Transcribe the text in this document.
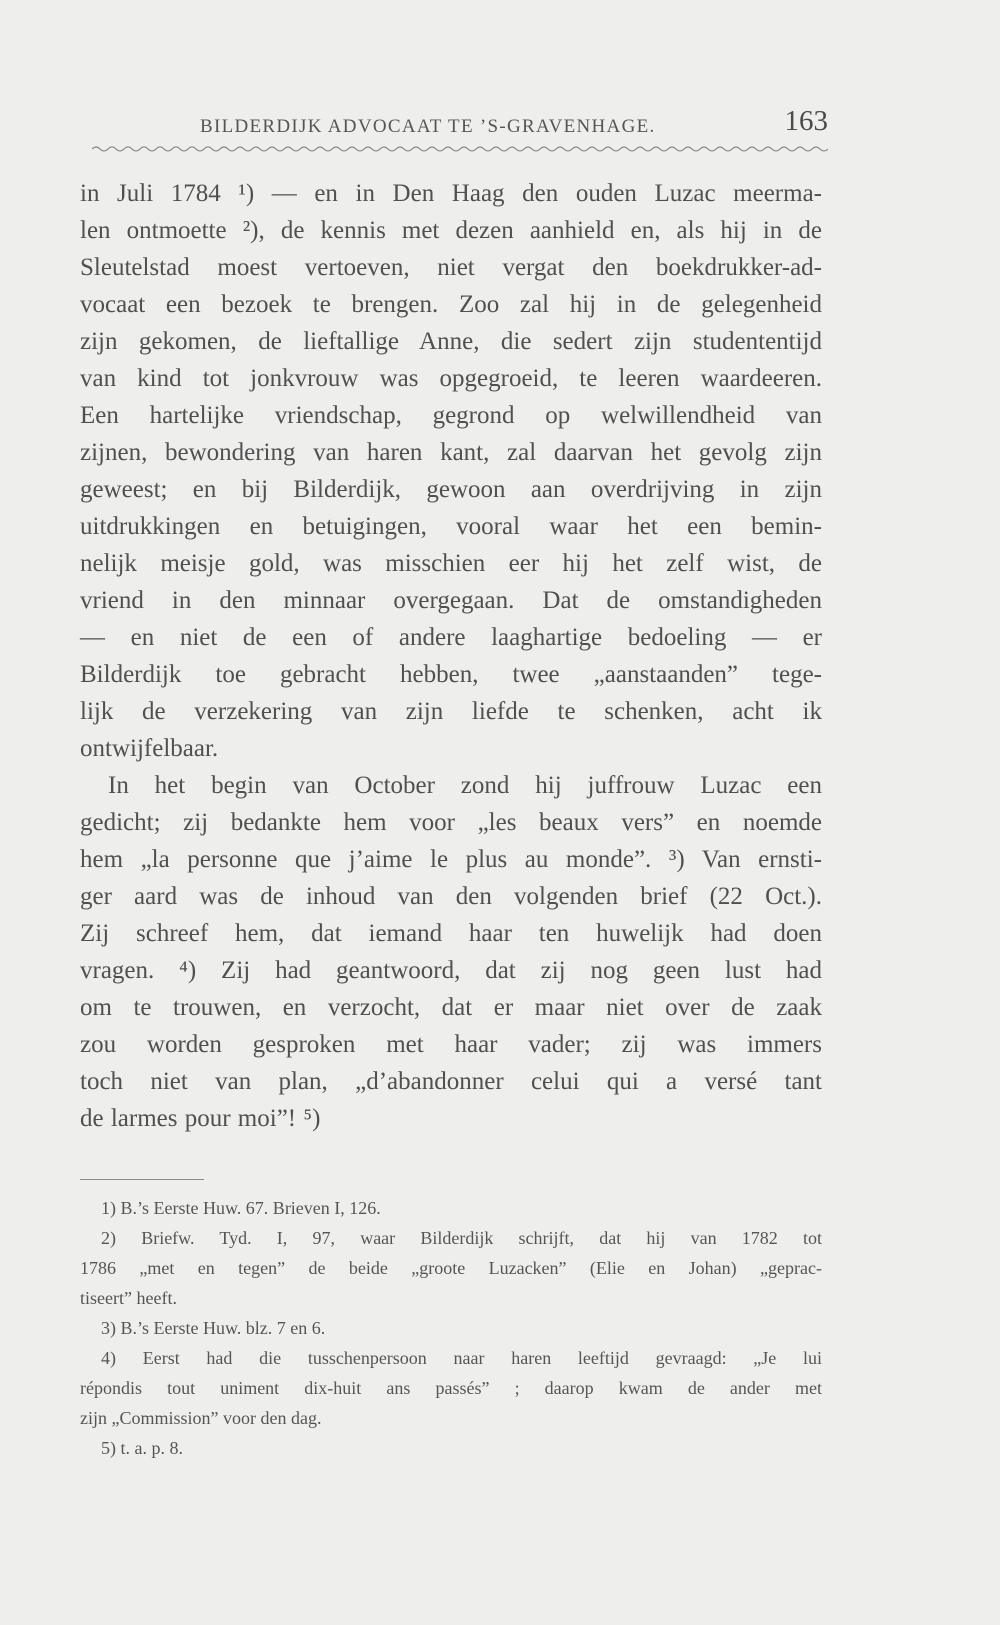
BILDERDIJK ADVOCAAT TE ’S-GRAVENHAGE.	163
in Juli 1784 ¹) — en in Den Haag den ouden Luzac meerma-
len ontmoette ²), de kennis met dezen aanhield en, als hij in de
Sleutelstad moest vertoeven, niet vergat den boekdrukker-ad-
vocaat een bezoek te brengen. Zoo zal hij in de gelegenheid
zijn gekomen, de lieftallige Anne, die sedert zijn studententijd
van kind tot jonkvrouw was opgegroeid, te leeren waardeeren.
Een hartelijke vriendschap, gegrond op welwillendheid van
zijnen, bewondering van haren kant, zal daarvan het gevolg zijn
geweest; en bij Bilderdijk, gewoon aan overdrijving in zijn
uitdrukkingen en betuigingen, vooral waar het een bemin-
nelijk meisje gold, was misschien eer hij het zelf wist, de
vriend in den minnaar overgegaan. Dat de omstandigheden
— en niet de een of andere laaghartige bedoeling — er
Bilderdijk toe gebracht hebben, twee „aanstaanden” tege-
lijk de verzekering van zijn liefde te schenken, acht ik
ontwijfelbaar.
In het begin van October zond hij juffrouw Luzac een
gedicht; zij bedankte hem voor „les beaux vers” en noemde
hem „la personne que j’aime le plus au monde”. ³) Van ernsti-
ger aard was de inhoud van den volgenden brief (22 Oct.).
Zij schreef hem, dat iemand haar ten huwelijk had doen
vragen. ⁴) Zij had geantwoord, dat zij nog geen lust had
om te trouwen, en verzocht, dat er maar niet over de zaak
zou worden gesproken met haar vader; zij was immers
toch niet van plan, „d’abandonner celui qui a versé tant
de larmes pour moi”! ⁵)
1) B.’s Eerste Huw. 67. Brieven I, 126.
2) Briefw. Tyd. I, 97, waar Bilderdijk schrijft, dat hij van 1782 tot
1786 „met en tegen” de beide „groote Luzacken” (Elie en Johan) „geprac-
tiseert” heeft.
3) B.’s Eerste Huw. blz. 7 en 6.
4) Eerst had die tusschenpersoon naar haren leeftijd gevraagd: „Je lui
répondis tout uniment dix-huit ans passés” ; daarop kwam de ander met
zijn „Commission” voor den dag.
5) t. a. p. 8.
